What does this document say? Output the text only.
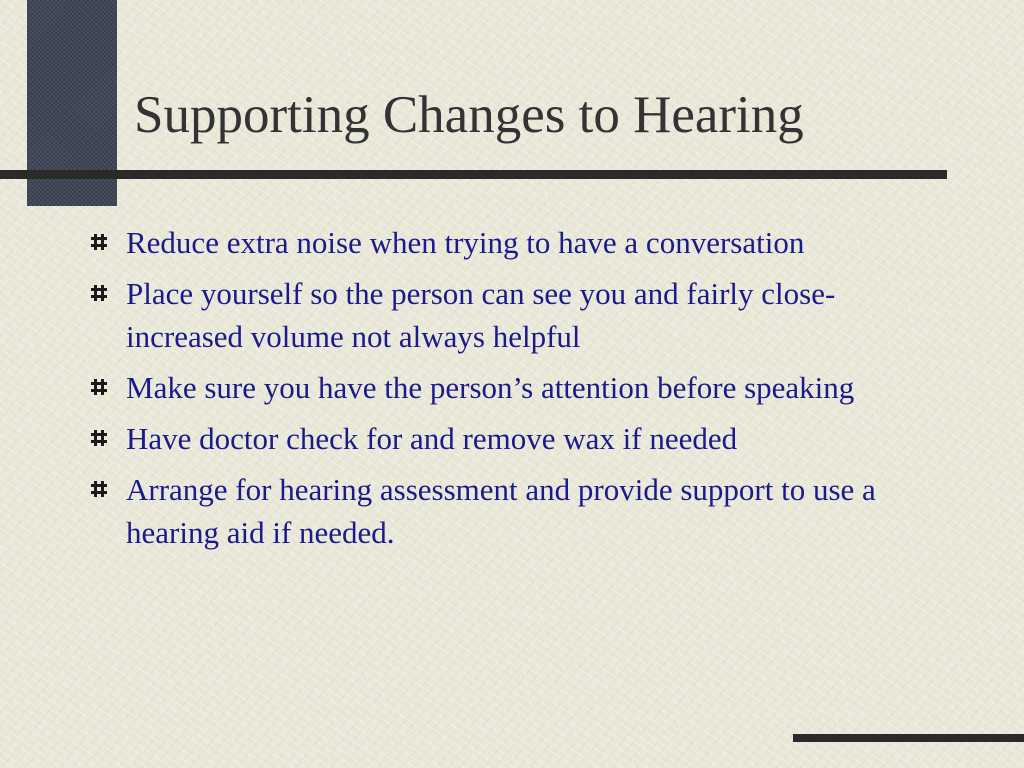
Supporting Changes to Hearing
Reduce extra noise when trying to have a conversation
Place yourself so the person can see you and fairly close- increased volume not always helpful
Make sure you have the person’s attention before speaking
Have doctor check for and remove wax if needed
Arrange for hearing assessment and provide support to use a hearing aid if needed.
